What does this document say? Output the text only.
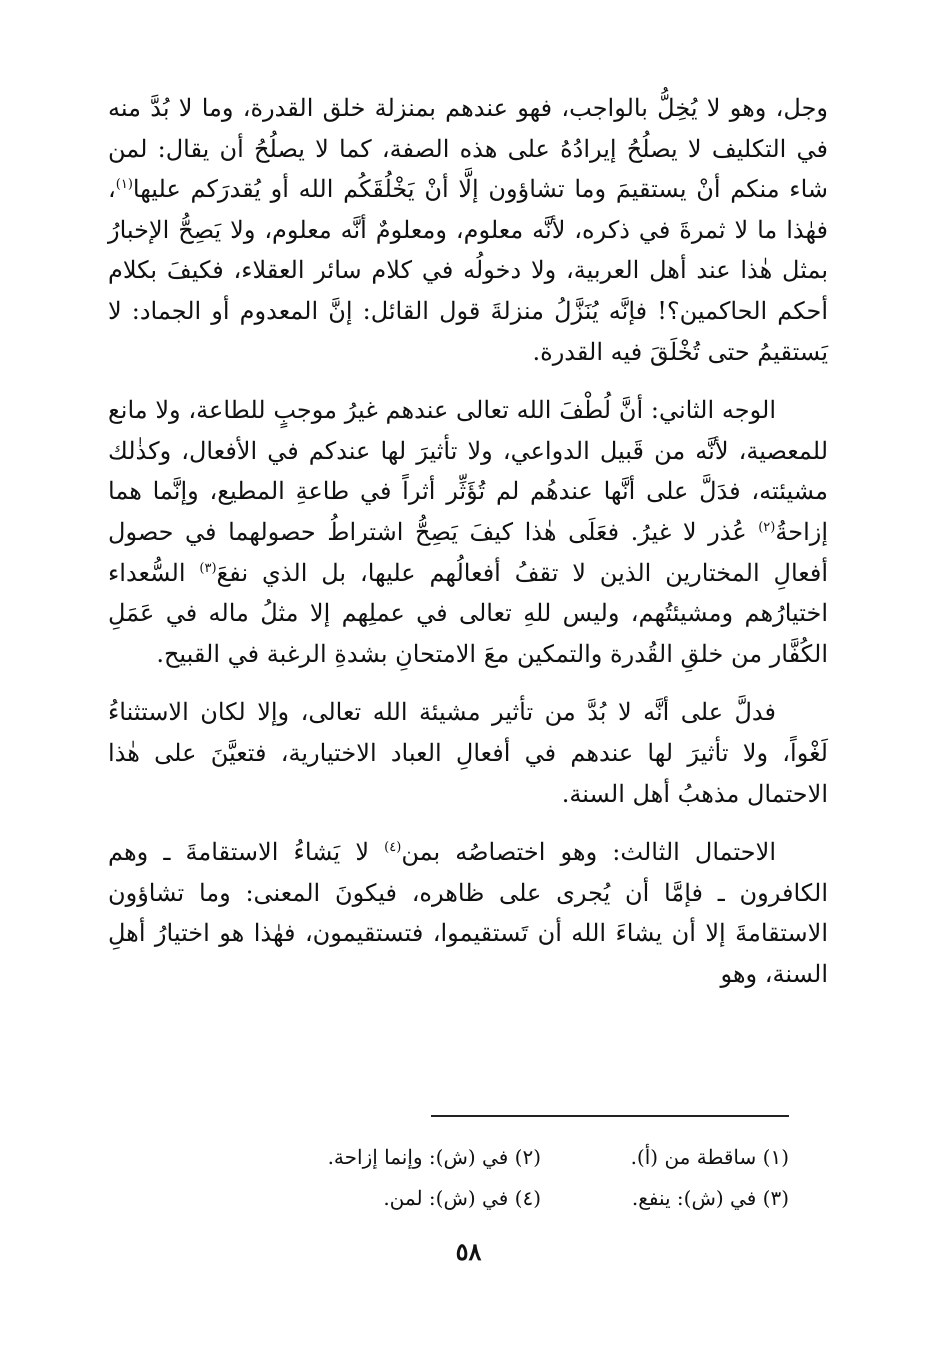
وجل، وهو لا يُخِلُّ بالواجب، فهو عندهم بمنزلة خلق القدرة، وما لا بُدَّ منه في التكليف لا يصلُحُ إيرادُهُ على هذه الصفة، كما لا يصلُحُ أن يقال: لمن شاء منكم أنْ يستقيمَ وما تشاؤون إلَّا أنْ يَخْلُقَكُم الله أو يُقدرَكم عليها$^{(١)}$، فهٰذا ما لا ثمرةَ في ذكره، لأنَّه معلوم، ومعلومٌ أنَّه معلوم، ولا يَصِحُّ الإخبارُ بمثل هٰذا عند أهل العربية، ولا دخولُه في كلام سائر العقلاء، فكيفَ بكلام أحكم الحاكمين؟! فإنَّه يُنَزَّلُ منزلةَ قول القائل: إنَّ المعدوم أو الجماد: لا يَستقيمُ حتى تُخْلَقَ فيه القدرة.

الوجه الثاني: أنَّ لُطْفَ الله تعالى عندهم غيرُ موجبٍ للطاعة، ولا مانع للمعصية، لأنَّه من قَبيل الدواعي، ولا تأثيرَ لها عندكم في الأفعال، وكذٰلك مشيئته، فدَلَّ على أنَّها عندهُم لم تُؤَثِّر أثراً في طاعةِ المطيع، وإنَّما هما إزاحةُ$^{(٢)}$ عُذر لا غيرُ. فعَلَى هٰذا كيفَ يَصِحُّ اشتراطُ حصولهما في حصول أفعالِ المختارين الذين لا تقفُ أفعالُهم عليها، بل الذي نفعَ$^{(٣)}$ السُّعداء اختيارُهم ومشيئتُهم، وليس للهِ تعالى في عملِهم إلا مثلُ ماله في عَمَلِ الكُفَّار من خلقِ القُدرة والتمكين معَ الامتحانِ بشدةِ الرغبة في القبيح.

فدلَّ على أنَّه لا بُدَّ من تأثير مشيئة الله تعالى، وإلا لكان الاستثناءُ لَغْواً، ولا تأثيرَ لها عندهم في أفعالِ العباد الاختيارية، فتعيَّنَ على هٰذا الاحتمال مذهبُ أهل السنة.

الاحتمال الثالث: وهو اختصاصُه بمن$^{(٤)}$ لا يَشاءُ الاستقامةَ ـ وهم الكافرون ـ فإمَّا أن يُجرى على ظاهره، فيكونَ المعنى: وما تشاؤون الاستقامةَ إلا أن يشاءَ الله أن تَستقيموا، فتستقيمون، فهٰذا هو اختيارُ أهلِ السنة، وهو

(١) ساقطة من (أ).
(٢) في (ش): وإنما إزاحة.
(٣) في (ش): ينفع.
(٤) في (ش): لمن.
٥٨
